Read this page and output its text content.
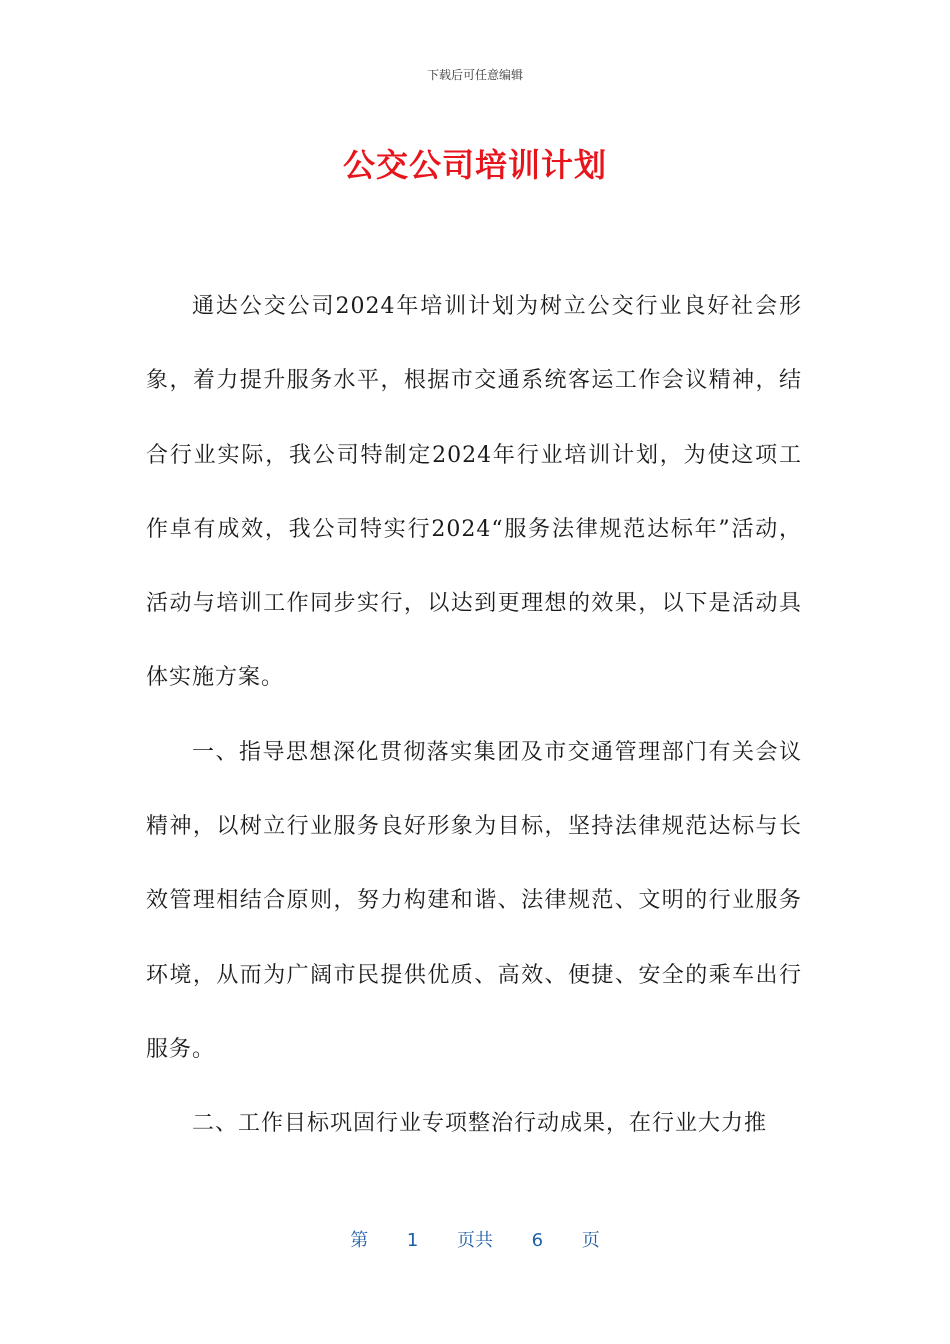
下载后可任意编辑
公交公司培训计划

通达公交公司2024年培训计划为树立公交行业良好社会形象，着力提升服务水平，根据市交通系统客运工作会议精神，结合行业实际，我公司特制定2024年行业培训计划，为使这项工作卓有成效，我公司特实行2024“服务法律规范达标年”活动，活动与培训工作同步实行，以达到更理想的效果，以下是活动具体实施方案。

一、指导思想深化贯彻落实集团及市交通管理部门有关会议精神，以树立行业服务良好形象为目标，坚持法律规范达标与长效管理相结合原则，努力构建和谐、法律规范、文明的行业服务环境，从而为广阔市民提供优质、高效、便捷、安全的乘车出行服务。

二、工作目标巩固行业专项整治行动成果，在行业大力推

第 1 页共 6 页
